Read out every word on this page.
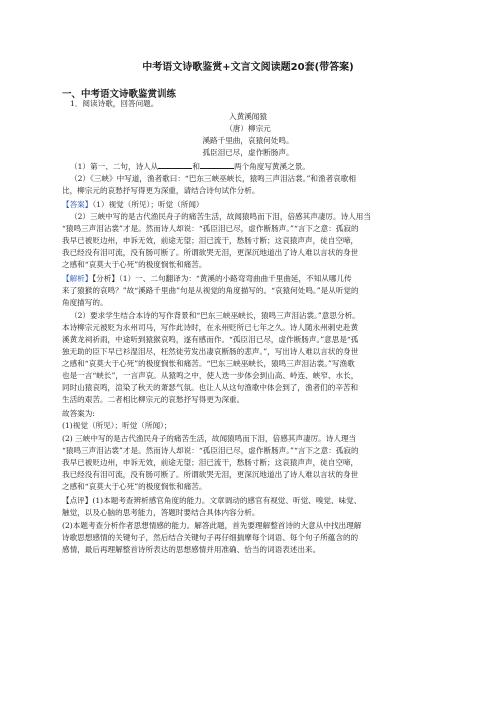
中考语文诗歌鉴赏+文言文阅读题20套(带答案)
一、中考语文诗歌鉴赏训练
1．阅读诗歌，回答问题。
入黄溪闻猿
（唐）柳宗元
溪路千里曲，哀猿何处鸣。
孤臣泪已尽，虚作断肠声。
（1）第一、二句，诗人从	和	两个角度写黄溪之景。
（2）《三峡》中写道，渔者歌曰：“巴东三峡巫峡长，猿鸣三声泪沾裳。”和渔者哀歌相
比，柳宗元的哀愁抒写得更为深重，请结合诗句试作分析。
【答案】（1）视觉（所见）；听觉（所闻）
（2）三峡中写的是古代渔民舟子的痛苦生活，故闻猿鸣而下泪，倍感其声凄厉。诗人用当
“猿鸣三声泪沾裳”才是。然而诗人却说：“孤臣泪已尽，虚作断肠声。”“言下之意：孤寂的
我早已被贬边州，申诉无效，前途无望；泪已流干，愁肠寸断；这哀猿声声，徒自空啼，
我已经没有泪可流，没有肠可断了。所谓欲哭无泪，更深沉地道出了诗人难以言状的身世
之感和“哀莫大于心死”的极度悯怅和痛苦。
【解析】【分析】（1）一、二句翻译为：“黄溪的小路弯弯曲曲千里曲延，不知从哪儿传
来了猿猴的哀鸣？”故“溪路千里曲”句是从视觉的角度描写的。“哀猿何处鸣。”是从听觉的
角度描写的。
（2）要求学生结合本诗的写作背景和“巴东三峡巫峡长，猿鸣三声泪沾裳。”意思分析。
本诗柳宗元被贬为永州司马，写作此诗时，在永州贬所已七年之久。诗人随永州刺史赴黄
溪黄龙祠祈雨，中途听到猿猴哀鸣，遂有感而作。“孤臣泪已尽，虚作断肠声。”意思是“孤
独无助的臣下早已衫湿泪尽，枉然徒劳发出凄哀断肠的悲声。”，写出诗人难以言状的身世
之感和“哀莫大于心死”的极度悯怅和痛苦。“巴东三峡巫峡长，猿鸣三声泪沾裳。”写渔歌
也是一言“峡长”，一言声哀。从猿鸣之中，使人迭一步体会到山高、岭连、峡窄、水长，
同时山猿哀鸣，渲染了秋天的萧瑟气氛。也让人从这句渔歌中体会到了，渔者们的辛苦和
生活的艰苦。二者相比柳宗元的哀愁抒写得更为深重。
故答案为:
(1)视觉（所见）；听觉（所闻）；
(2) 三峡中写的是古代渔民舟子的痛苦生活，故闻猿鸣而下泪，倍感其声凄厉。诗人理当
“猿鸣三声泪沾裳”才是。然而诗人却说：“孤臣泪已尽，虚作断肠声。”“言下之意：孤寂的
我早已被贬边州，申诉无效，前途无望；泪已流干，愁肠寸断；这哀猿声声，徒自空啼，
我已经没有泪可流，没有肠可断了。所谓欲哭无泪，更深沉地道出了诗人难以言状的身世
之感和“哀莫大于心死”的极度悯怅和痛苦。
【点评】(1)本题考查辨析感官角度的能力。文章调动的感官有视觉、听觉、嗅觉、味觉、
触觉，以及心脑的思考能力，答题时要结合具体内容分析。
(2)本题考查分析作者思想情感的能力。解答此题，首先要理解整首诗的大意从中找出理解
诗歌思想感情的关键句子，然后结合关键句子再仔细揣摩每个词语、每个句子所蕴含的的
感情，最后再理解整首诗所表达的思想感情并用准确、恰当的词语表述出来。
